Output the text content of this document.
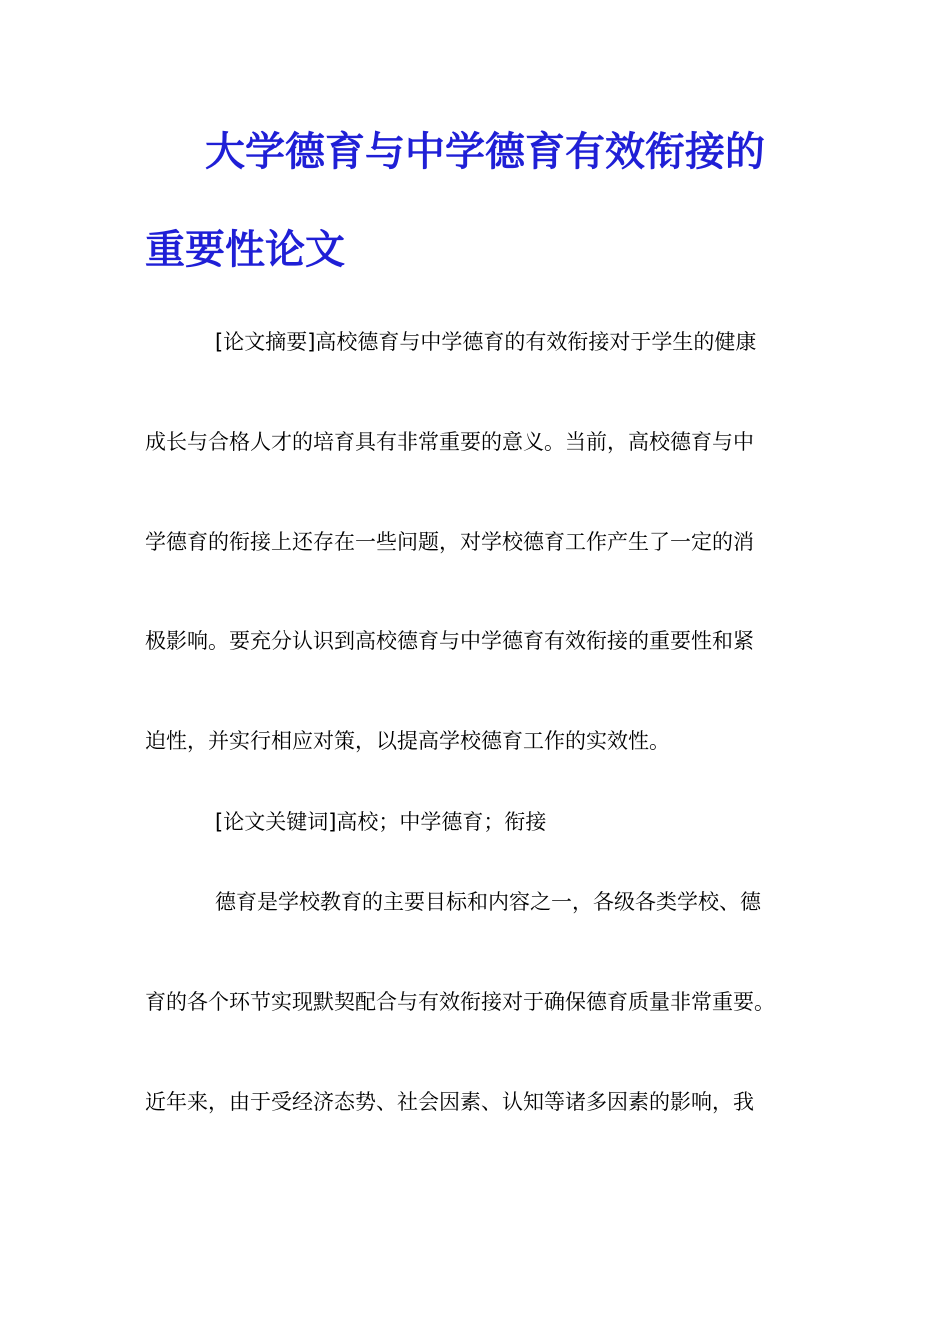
大学德育与中学德育有效衔接的
重要性论文
[论文摘要]高校德育与中学德育的有效衔接对于学生的健康
成长与合格人才的培育具有非常重要的意义。当前，高校德育与中
学德育的衔接上还存在一些问题，对学校德育工作产生了一定的消
极影响。要充分认识到高校德育与中学德育有效衔接的重要性和紧
迫性，并实行相应对策，以提高学校德育工作的实效性。
[论文关键词]高校；中学德育；衔接
德育是学校教育的主要目标和内容之一，各级各类学校、德
育的各个环节实现默契配合与有效衔接对于确保德育质量非常重要。
近年来，由于受经济态势、社会因素、认知等诸多因素的影响，我
